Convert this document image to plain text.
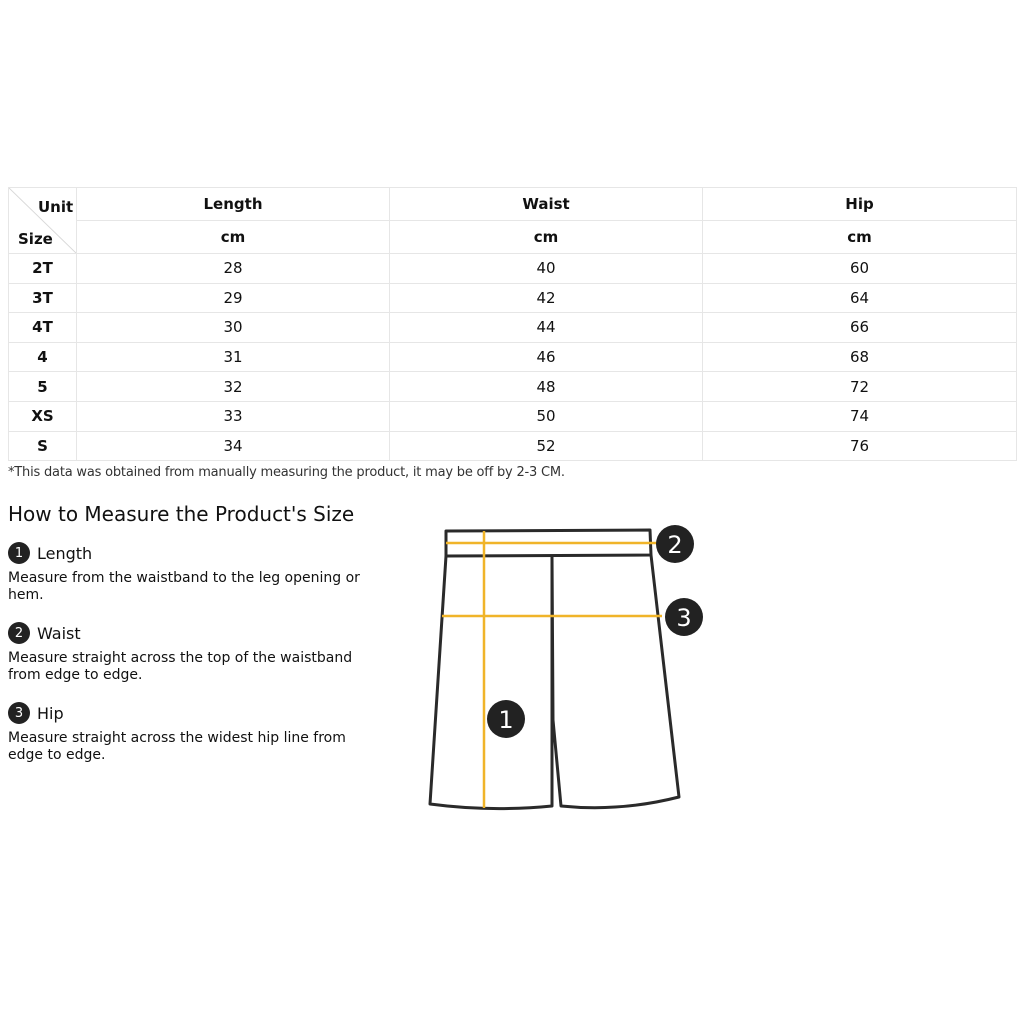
Unit
Size	Length	Waist	Hip
	cm	cm	cm
2T	28	40	60
3T	29	42	64
4T	30	44	66
4	31	46	68
5	32	48	72
XS	33	50	74
S	34	52	76
*This data was obtained from manually measuring the product, it may be off by 2-3 CM.
How to Measure the Product's Size
1 Length
Measure from the waistband to the leg opening or hem.
2 Waist
Measure straight across the top of the waistband from edge to edge.
3 Hip
Measure straight across the widest hip line from edge to edge.
1
2
3
